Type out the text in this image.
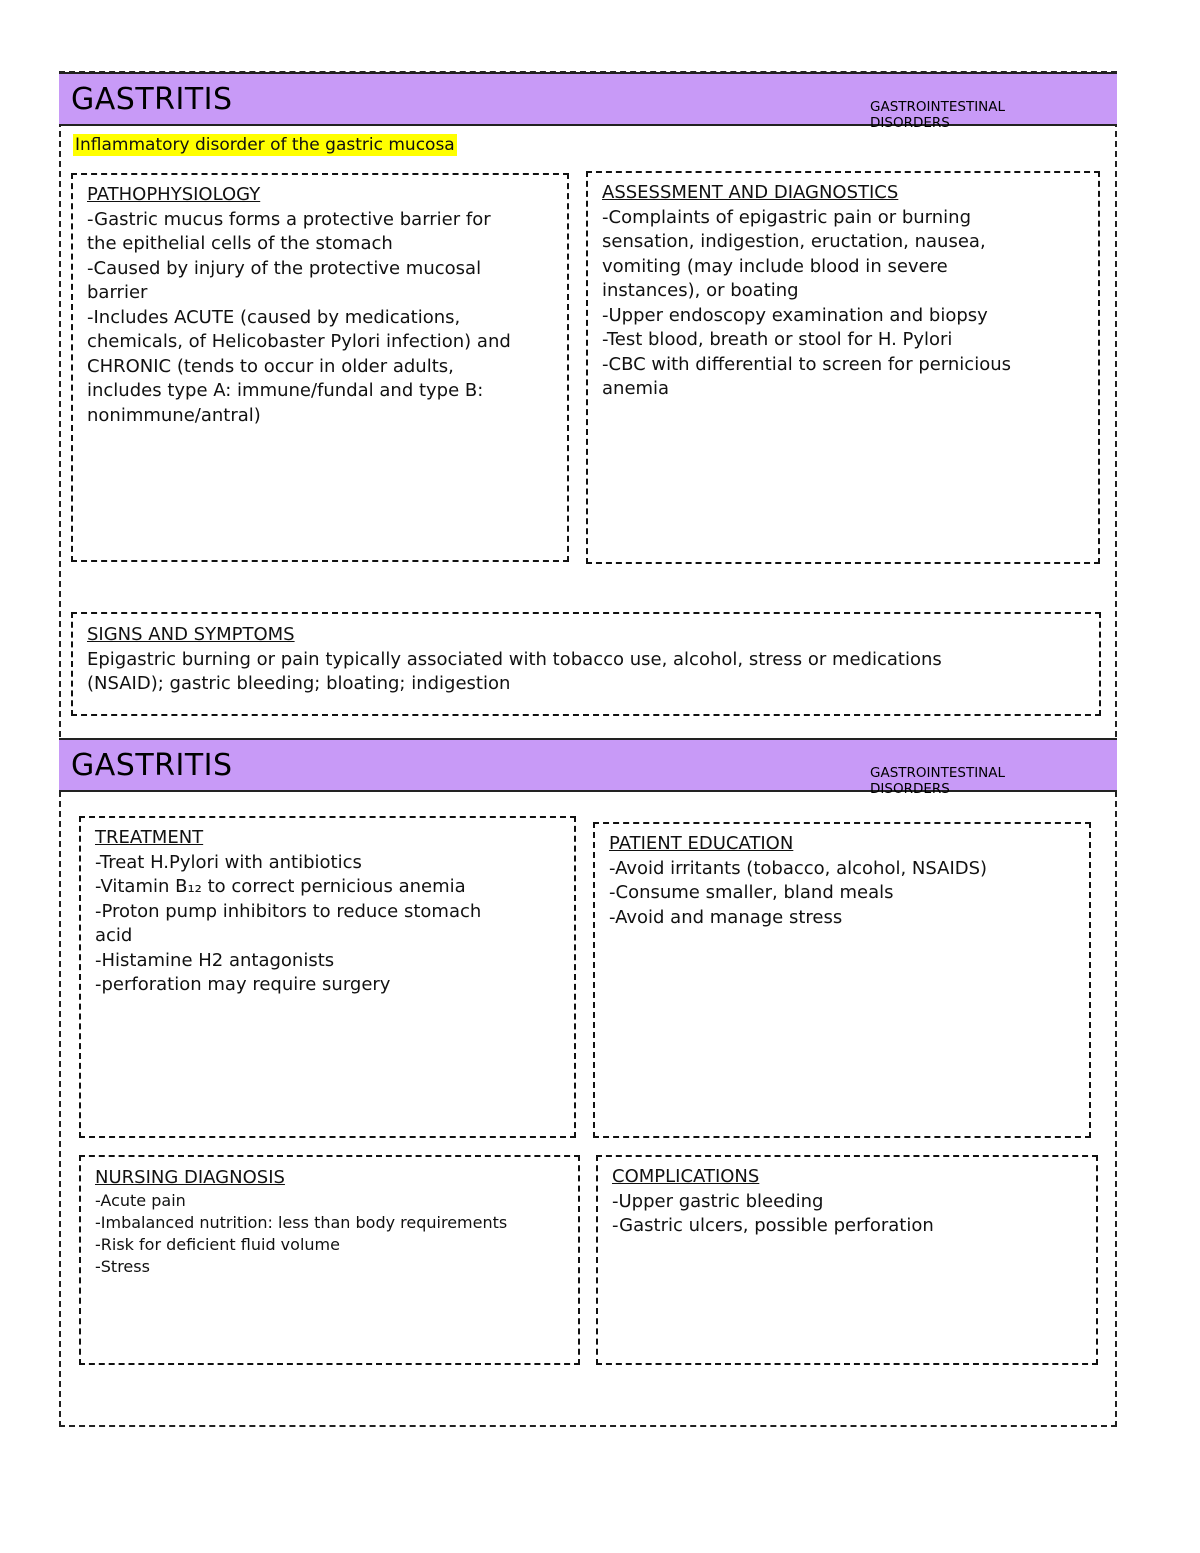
GASTRITIS	GASTROINTESTINAL DISORDERS
Inflammatory disorder of the gastric mucosa
PATHOPHYSIOLOGY
-Gastric mucus forms a protective barrier for
the epithelial cells of the stomach
-Caused by injury of the protective mucosal
barrier
-Includes ACUTE (caused by medications,
chemicals, of Helicobaster Pylori infection) and
CHRONIC (tends to occur in older adults,
includes type A: immune/fundal and type B:
nonimmune/antral)
ASSESSMENT AND DIAGNOSTICS
-Complaints of epigastric pain or burning
sensation, indigestion, eructation, nausea,
vomiting (may include blood in severe
instances), or boating
-Upper endoscopy examination and biopsy
-Test blood, breath or stool for H. Pylori
-CBC with differential to screen for pernicious
anemia
SIGNS AND SYMPTOMS
Epigastric burning or pain typically associated with tobacco use, alcohol, stress or medications
(NSAID); gastric bleeding; bloating; indigestion
GASTRITIS	GASTROINTESTINAL DISORDERS
TREATMENT
-Treat H.Pylori with antibiotics
-Vitamin B₁₂ to correct pernicious anemia
-Proton pump inhibitors to reduce stomach
acid
-Histamine H2 antagonists
-perforation may require surgery
PATIENT EDUCATION
-Avoid irritants (tobacco, alcohol, NSAIDS)
-Consume smaller, bland meals
-Avoid and manage stress
NURSING DIAGNOSIS
-Acute pain
-Imbalanced nutrition: less than body requirements
-Risk for deficient fluid volume
-Stress
COMPLICATIONS
-Upper gastric bleeding
-Gastric ulcers, possible perforation
